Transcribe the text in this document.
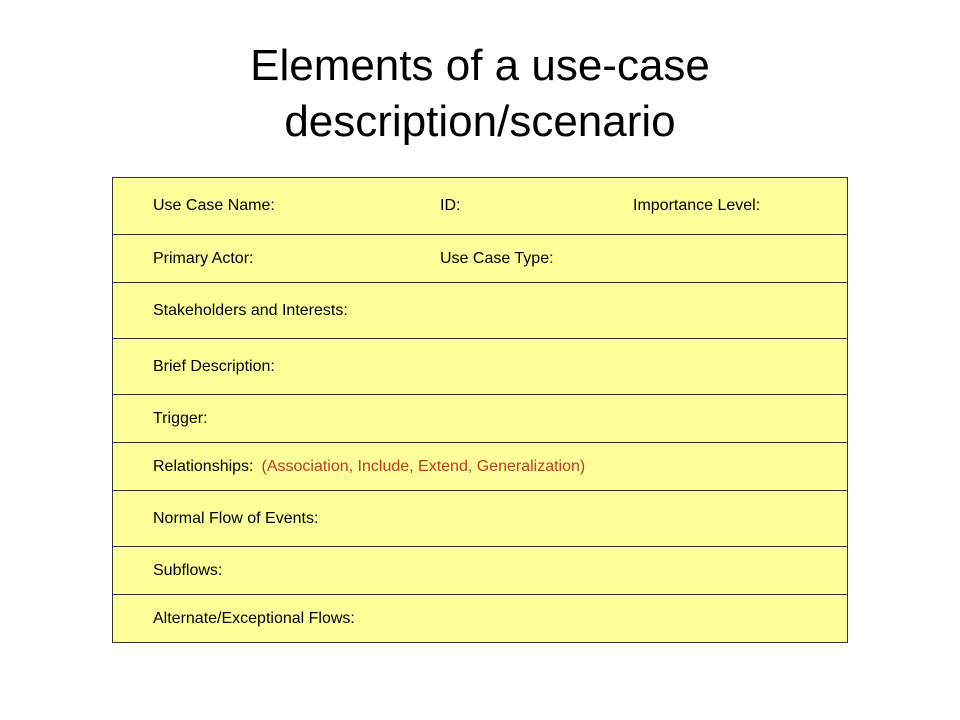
Elements of a use-case
description/scenario
Use Case Name:	ID:	Importance Level:
Primary Actor:	Use Case Type:
Stakeholders and Interests:
Brief Description:
Trigger:
Relationships: (Association, Include, Extend, Generalization)
Normal Flow of Events:
Subflows:
Alternate/Exceptional Flows:
